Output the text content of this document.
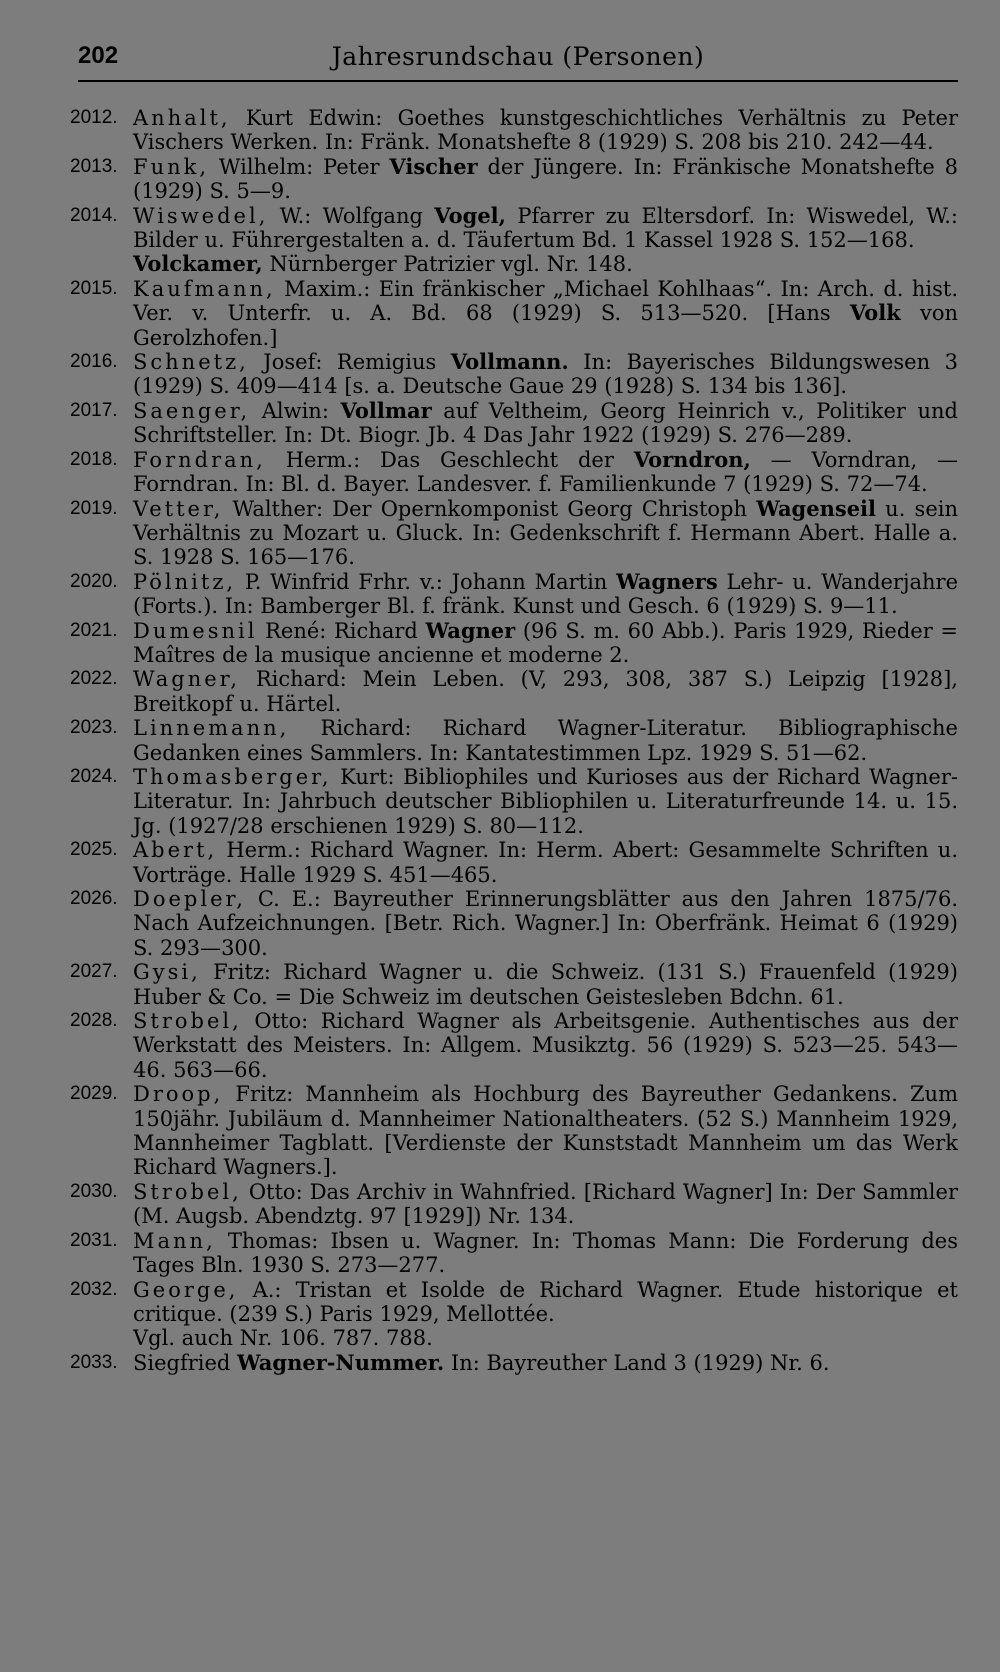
202	Jahresrundschau (Personen)
2012. Anhalt, Kurt Edwin: Goethes kunstgeschichtliches Verhältnis zu Peter Vischers Werken. In: Fränk. Monatshefte 8 (1929) S. 208 bis 210. 242—44.
2013. Funk, Wilhelm: Peter Vischer der Jüngere. In: Fränkische Monatshefte 8 (1929) S. 5—9.
2014. Wiswedel, W.: Wolfgang Vogel, Pfarrer zu Eltersdorf. In: Wiswedel, W.: Bilder u. Führergestalten a. d. Täufertum Bd. 1 Kassel 1928 S. 152—168.
Volckamer, Nürnberger Patrizier vgl. Nr. 148.
2015. Kaufmann, Maxim.: Ein fränkischer „Michael Kohlhaas“. In: Arch. d. hist. Ver. v. Unterfr. u. A. Bd. 68 (1929) S. 513—520. [Hans Volk von Gerolzhofen.]
2016. Schnetz, Josef: Remigius Vollmann. In: Bayerisches Bildungswesen 3 (1929) S. 409—414 [s. a. Deutsche Gaue 29 (1928) S. 134 bis 136].
2017. Saenger, Alwin: Vollmar auf Veltheim, Georg Heinrich v., Politiker und Schriftsteller. In: Dt. Biogr. Jb. 4 Das Jahr 1922 (1929) S. 276—289.
2018. Forndran, Herm.: Das Geschlecht der Vorndron, — Vorndran, — Forndran. In: Bl. d. Bayer. Landesver. f. Familienkunde 7 (1929) S. 72—74.
2019. Vetter, Walther: Der Opernkomponist Georg Christoph Wagenseil u. sein Verhältnis zu Mozart u. Gluck. In: Gedenkschrift f. Hermann Abert. Halle a. S. 1928 S. 165—176.
2020. Pölnitz, P. Winfrid Frhr. v.: Johann Martin Wagners Lehr- u. Wanderjahre (Forts.). In: Bamberger Bl. f. fränk. Kunst und Gesch. 6 (1929) S. 9—11.
2021. Dumesnil René: Richard Wagner (96 S. m. 60 Abb.). Paris 1929, Rieder = Maîtres de la musique ancienne et moderne 2.
2022. Wagner, Richard: Mein Leben. (V, 293, 308, 387 S.) Leipzig [1928], Breitkopf u. Härtel.
2023. Linnemann, Richard: Richard Wagner-Literatur. Bibliographische Gedanken eines Sammlers. In: Kantatestimmen Lpz. 1929 S. 51—62.
2024. Thomasberger, Kurt: Bibliophiles und Kurioses aus der Richard Wagner-Literatur. In: Jahrbuch deutscher Bibliophilen u. Literaturfreunde 14. u. 15. Jg. (1927/28 erschienen 1929) S. 80—112.
2025. Abert, Herm.: Richard Wagner. In: Herm. Abert: Gesammelte Schriften u. Vorträge. Halle 1929 S. 451—465.
2026. Doepler, C. E.: Bayreuther Erinnerungsblätter aus den Jahren 1875/76. Nach Aufzeichnungen. [Betr. Rich. Wagner.] In: Oberfränk. Heimat 6 (1929) S. 293—300.
2027. Gysi, Fritz: Richard Wagner u. die Schweiz. (131 S.) Frauenfeld (1929) Huber & Co. = Die Schweiz im deutschen Geistesleben Bdchn. 61.
2028. Strobel, Otto: Richard Wagner als Arbeitsgenie. Authentisches aus der Werkstatt des Meisters. In: Allgem. Musikztg. 56 (1929) S. 523—25. 543—46. 563—66.
2029. Droop, Fritz: Mannheim als Hochburg des Bayreuther Gedankens. Zum 150jähr. Jubiläum d. Mannheimer Nationaltheaters. (52 S.) Mannheim 1929, Mannheimer Tagblatt. [Verdienste der Kunststadt Mannheim um das Werk Richard Wagners.].
2030. Strobel, Otto: Das Archiv in Wahnfried. [Richard Wagner] In: Der Sammler (M. Augsb. Abendztg. 97 [1929]) Nr. 134.
2031. Mann, Thomas: Ibsen u. Wagner. In: Thomas Mann: Die Forderung des Tages Bln. 1930 S. 273—277.
2032. George, A.: Tristan et Isolde de Richard Wagner. Etude historique et critique. (239 S.) Paris 1929, Mellottée.
Vgl. auch Nr. 106. 787. 788.
2033. Siegfried Wagner-Nummer. In: Bayreuther Land 3 (1929) Nr. 6.
